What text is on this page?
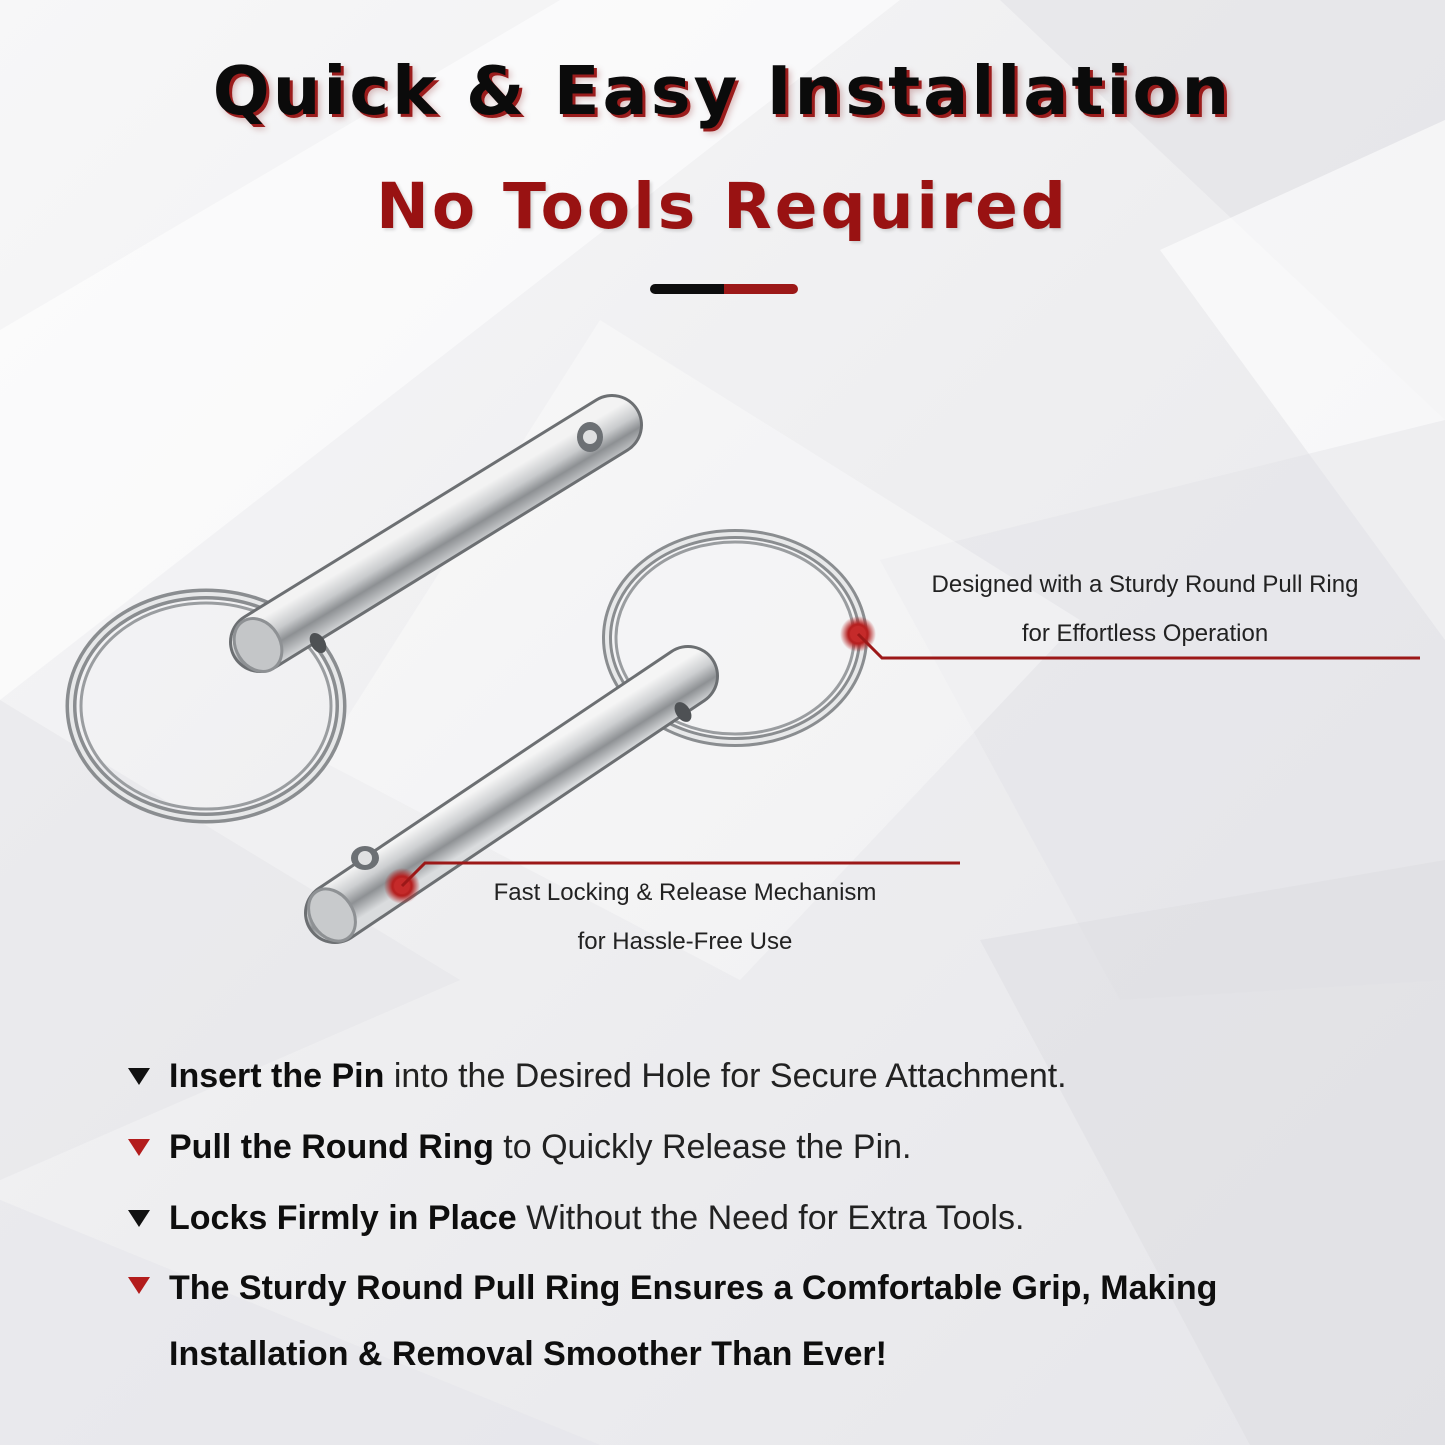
Quick & Easy Installation
No Tools Required
Designed with a Sturdy Round Pull Ring
for Effortless Operation
Fast Locking & Release Mechanism
for Hassle-Free Use
Insert the Pin into the Desired Hole for Secure Attachment.
Pull the Round Ring to Quickly Release the Pin.
Locks Firmly in Place Without the Need for Extra Tools.
The Sturdy Round Pull Ring Ensures a Comfortable Grip, Making Installation & Removal Smoother Than Ever!
